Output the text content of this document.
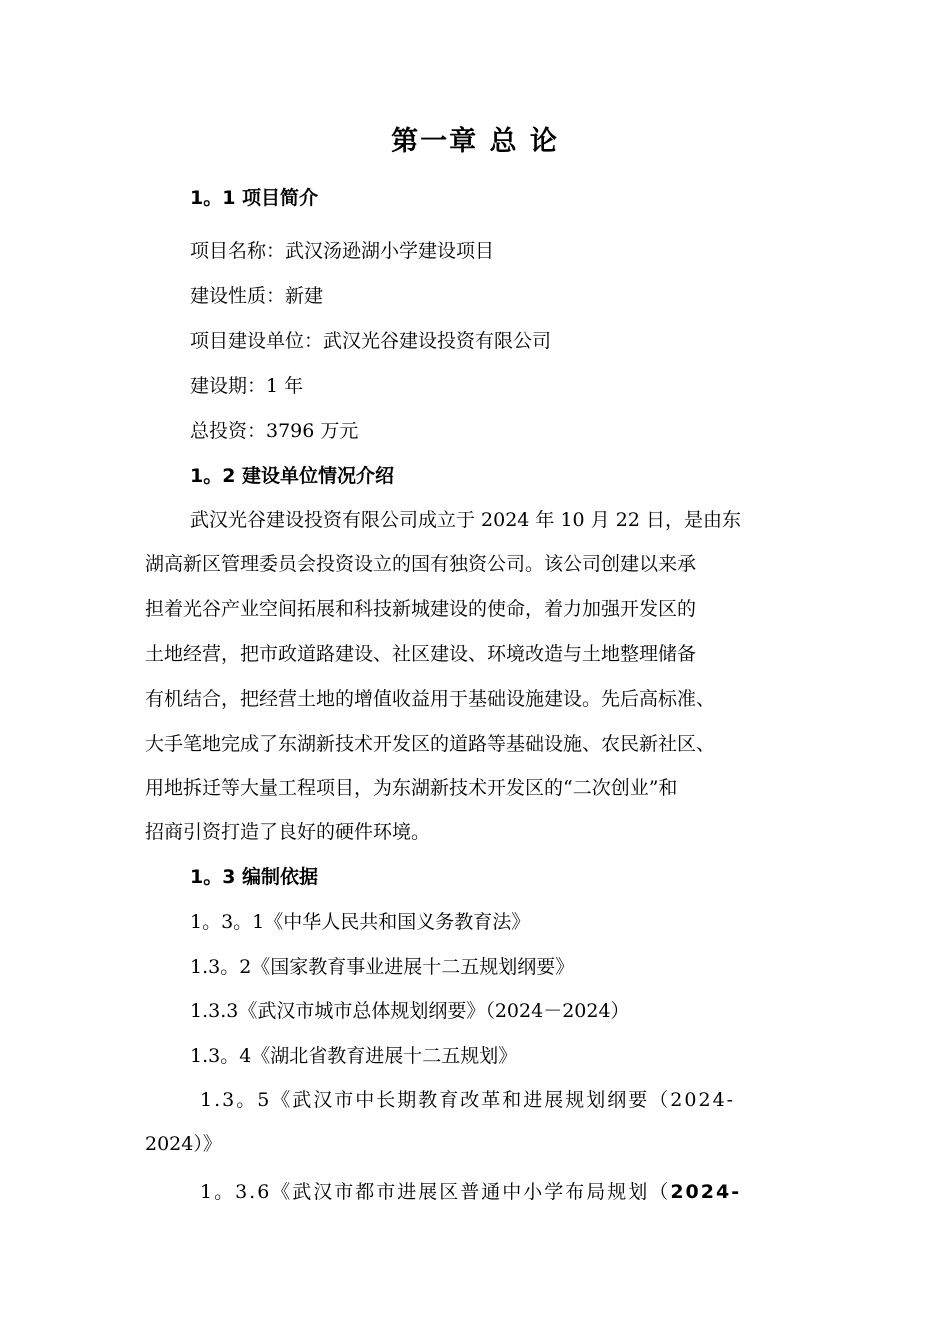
第一章 总 论
1。1 项目简介
项目名称：武汉汤逊湖小学建设项目
建设性质：新建
项目建设单位：武汉光谷建设投资有限公司
建设期：1 年
总投资：3796 万元
1。2 建设单位情况介绍
武汉光谷建设投资有限公司成立于 2024 年 10 月 22 日，是由东
湖高新区管理委员会投资设立的国有独资公司。该公司创建以来承
担着光谷产业空间拓展和科技新城建设的使命，着力加强开发区的
土地经营，把市政道路建设、社区建设、环境改造与土地整理储备
有机结合，把经营土地的增值收益用于基础设施建设。先后高标准、
大手笔地完成了东湖新技术开发区的道路等基础设施、农民新社区、
用地拆迁等大量工程项目，为东湖新技术开发区的“二次创业”和
招商引资打造了良好的硬件环境。
1。3 编制依据
1。3。1《中华人民共和国义务教育法》
1.3。2《国家教育事业进展十二五规划纲要》
1.3.3《武汉市城市总体规划纲要》（2024－2024）
1.3。4《湖北省教育进展十二五规划》
1.3。5《武汉市中长期教育改革和进展规划纲要（2024-
2024）》
1。3.6《武汉市都市进展区普通中小学布局规划（2024-
